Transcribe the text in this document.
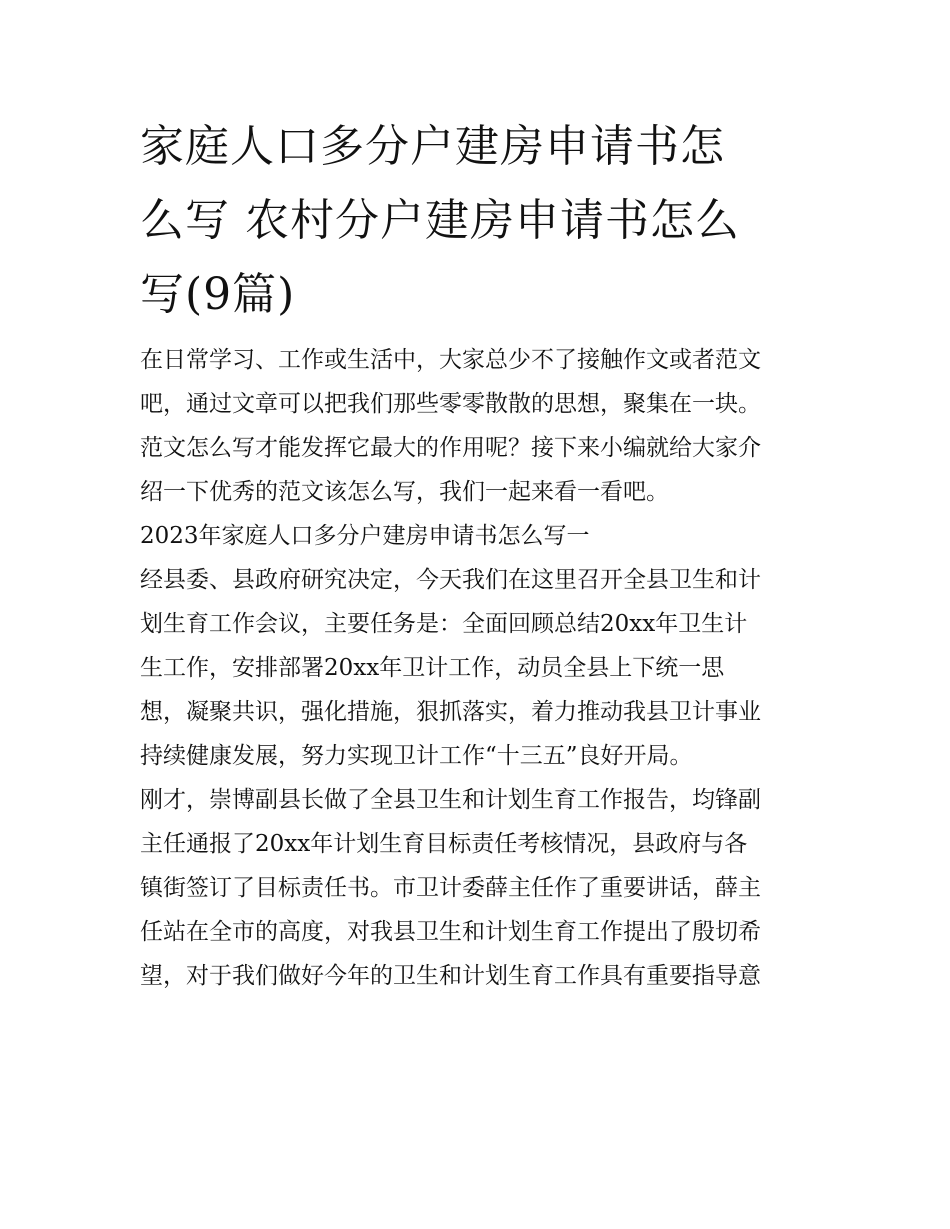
家庭人口多分户建房申请书怎
么写 农村分户建房申请书怎么
写(9篇)

在日常学习、工作或生活中，大家总少不了接触作文或者范文
吧，通过文章可以把我们那些零零散散的思想，聚集在一块。
范文怎么写才能发挥它最大的作用呢？接下来小编就给大家介
绍一下优秀的范文该怎么写，我们一起来看一看吧。

2023年家庭人口多分户建房申请书怎么写一

经县委、县政府研究决定，今天我们在这里召开全县卫生和计
划生育工作会议，主要任务是：全面回顾总结20xx年卫生计
生工作，安排部署20xx年卫计工作，动员全县上下统一思
想，凝聚共识，强化措施，狠抓落实，着力推动我县卫计事业
持续健康发展，努力实现卫计工作“十三五”良好开局。

刚才，崇博副县长做了全县卫生和计划生育工作报告，均锋副
主任通报了20xx年计划生育目标责任考核情况，县政府与各
镇街签订了目标责任书。市卫计委薛主任作了重要讲话，薛主
任站在全市的高度，对我县卫生和计划生育工作提出了殷切希
望，对于我们做好今年的卫生和计划生育工作具有重要指导意
